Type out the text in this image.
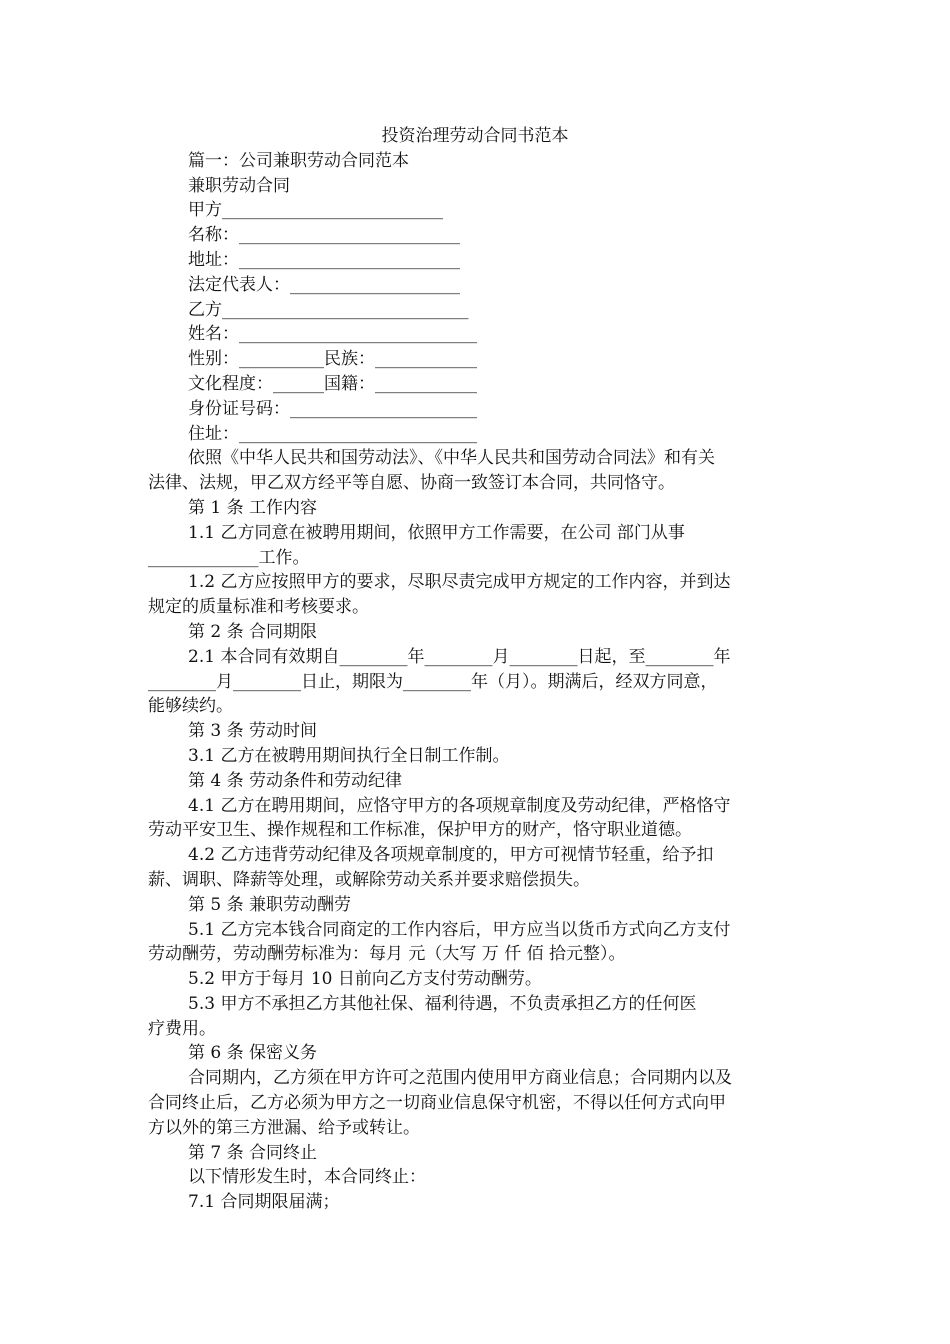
投资治理劳动合同书范本

篇一：公司兼职劳动合同范本

兼职劳动合同

甲方__________________________

名称：__________________________

地址：__________________________

法定代表人：____________________

乙方_____________________________

姓名：____________________________

性别：__________民族：____________

文化程度：______国籍：____________

身份证号码：______________________

住址：____________________________

依照《中华人民共和国劳动法》、《中华人民共和国劳动合同法》和有关

法律、法规，甲乙双方经平等自愿、协商一致签订本合同，共同恪守。

第 1 条 工作内容

1.1 乙方同意在被聘用期间，依照甲方工作需要，在公司 部门从事

_____________工作。

1.2 乙方应按照甲方的要求，尽职尽责完成甲方规定的工作内容，并到达

规定的质量标准和考核要求。

第 2 条 合同期限

2.1 本合同有效期自________年________月________日起，至________年

________月________日止，期限为________年（月）。期满后，经双方同意，

能够续约。

第 3 条 劳动时间

3.1 乙方在被聘用期间执行全日制工作制。

第 4 条 劳动条件和劳动纪律

4.1 乙方在聘用期间，应恪守甲方的各项规章制度及劳动纪律，严格恪守

劳动平安卫生、操作规程和工作标准，保护甲方的财产，恪守职业道德。

4.2 乙方违背劳动纪律及各项规章制度的，甲方可视情节轻重，给予扣

薪、调职、降薪等处理，或解除劳动关系并要求赔偿损失。

第 5 条 兼职劳动酬劳

5.1 乙方完本钱合同商定的工作内容后，甲方应当以货币方式向乙方支付

劳动酬劳，劳动酬劳标准为：每月 元（大写 万 仟 佰 拾元整）。

5.2 甲方于每月 10 日前向乙方支付劳动酬劳。

5.3 甲方不承担乙方其他社保、福利待遇，不负责承担乙方的任何医

疗费用。

第 6 条 保密义务

合同期内，乙方须在甲方许可之范围内使用甲方商业信息；合同期内以及

合同终止后，乙方必须为甲方之一切商业信息保守机密，不得以任何方式向甲

方以外的第三方泄漏、给予或转让。

第 7 条 合同终止

以下情形发生时，本合同终止：

7.1 合同期限届满；
